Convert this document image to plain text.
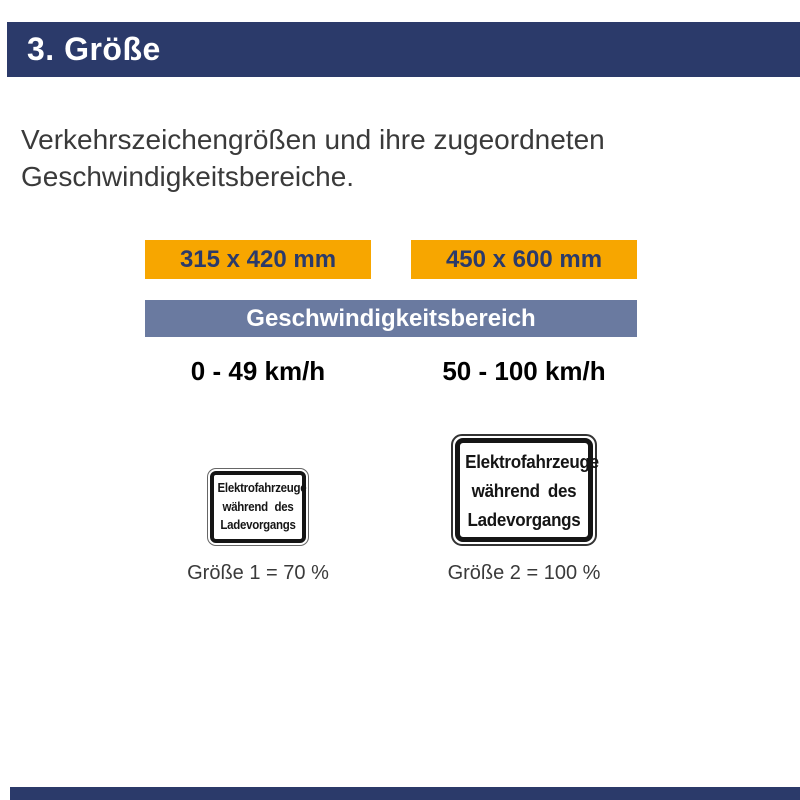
3. Größe
Verkehrszeichengrößen und ihre zugeordneten Geschwindigkeitsbereiche.
315 x 420 mm	450 x 600 mm
Geschwindigkeitsbereich
0 - 49 km/h	50 - 100 km/h
Elektrofahrzeuge
während des
Ladevorgangs
Elektrofahrzeuge
während des
Ladevorgangs
Größe 1 = 70 %	Größe 2 = 100 %
